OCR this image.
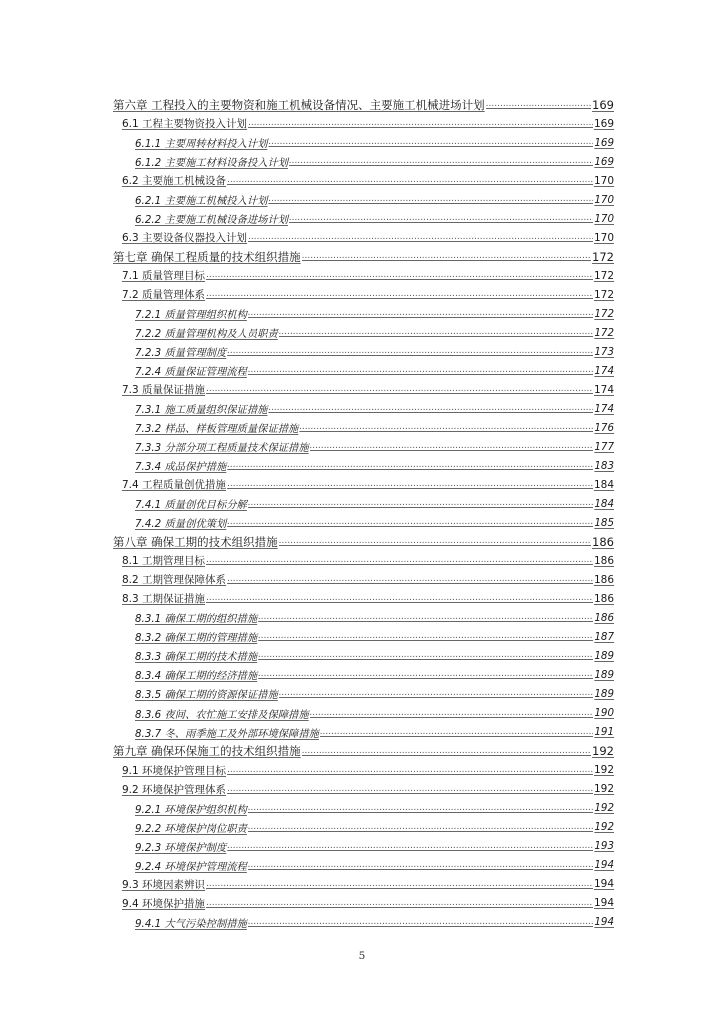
第六章 工程投入的主要物资和施工机械设备情况、主要施工机械进场计划 .....	169
6.1 工程主要物资投入计划 .....	169
6.1.1 主要周转材料投入计划 .....	169
6.1.2 主要施工材料设备投入计划 .....	169
6.2 主要施工机械设备 .....	170
6.2.1 主要施工机械投入计划 .....	170
6.2.2 主要施工机械设备进场计划 .....	170
6.3 主要设备仪器投入计划 .....	170
第七章 确保工程质量的技术组织措施 .....	172
7.1 质量管理目标 .....	172
7.2 质量管理体系 .....	172
7.2.1 质量管理组织机构 .....	172
7.2.2 质量管理机构及人员职责 .....	172
7.2.3 质量管理制度 .....	173
7.2.4 质量保证管理流程 .....	174
7.3 质量保证措施 .....	174
7.3.1 施工质量组织保证措施 .....	174
7.3.2 样品、样板管理质量保证措施 .....	176
7.3.3 分部分项工程质量技术保证措施 .....	177
7.3.4 成品保护措施 .....	183
7.4 工程质量创优措施 .....	184
7.4.1 质量创优目标分解 .....	184
7.4.2 质量创优策划 .....	185
第八章 确保工期的技术组织措施 .....	186
8.1 工期管理目标 .....	186
8.2 工期管理保障体系 .....	186
8.3 工期保证措施 .....	186
8.3.1 确保工期的组织措施 .....	186
8.3.2 确保工期的管理措施 .....	187
8.3.3 确保工期的技术措施 .....	189
8.3.4 确保工期的经济措施 .....	189
8.3.5 确保工期的资源保证措施 .....	189
8.3.6 夜间、农忙施工安排及保障措施 .....	190
8.3.7 冬、雨季施工及外部环境保障措施 .....	191
第九章 确保环保施工的技术组织措施 .....	192
9.1 环境保护管理目标 .....	192
9.2 环境保护管理体系 .....	192
9.2.1 环境保护组织机构 .....	192
9.2.2 环境保护岗位职责 .....	192
9.2.3 环境保护制度 .....	193
9.2.4 环境保护管理流程 .....	194
9.3 环境因素辨识 .....	194
9.4 环境保护措施 .....	194
9.4.1 大气污染控制措施 .....	194
5
